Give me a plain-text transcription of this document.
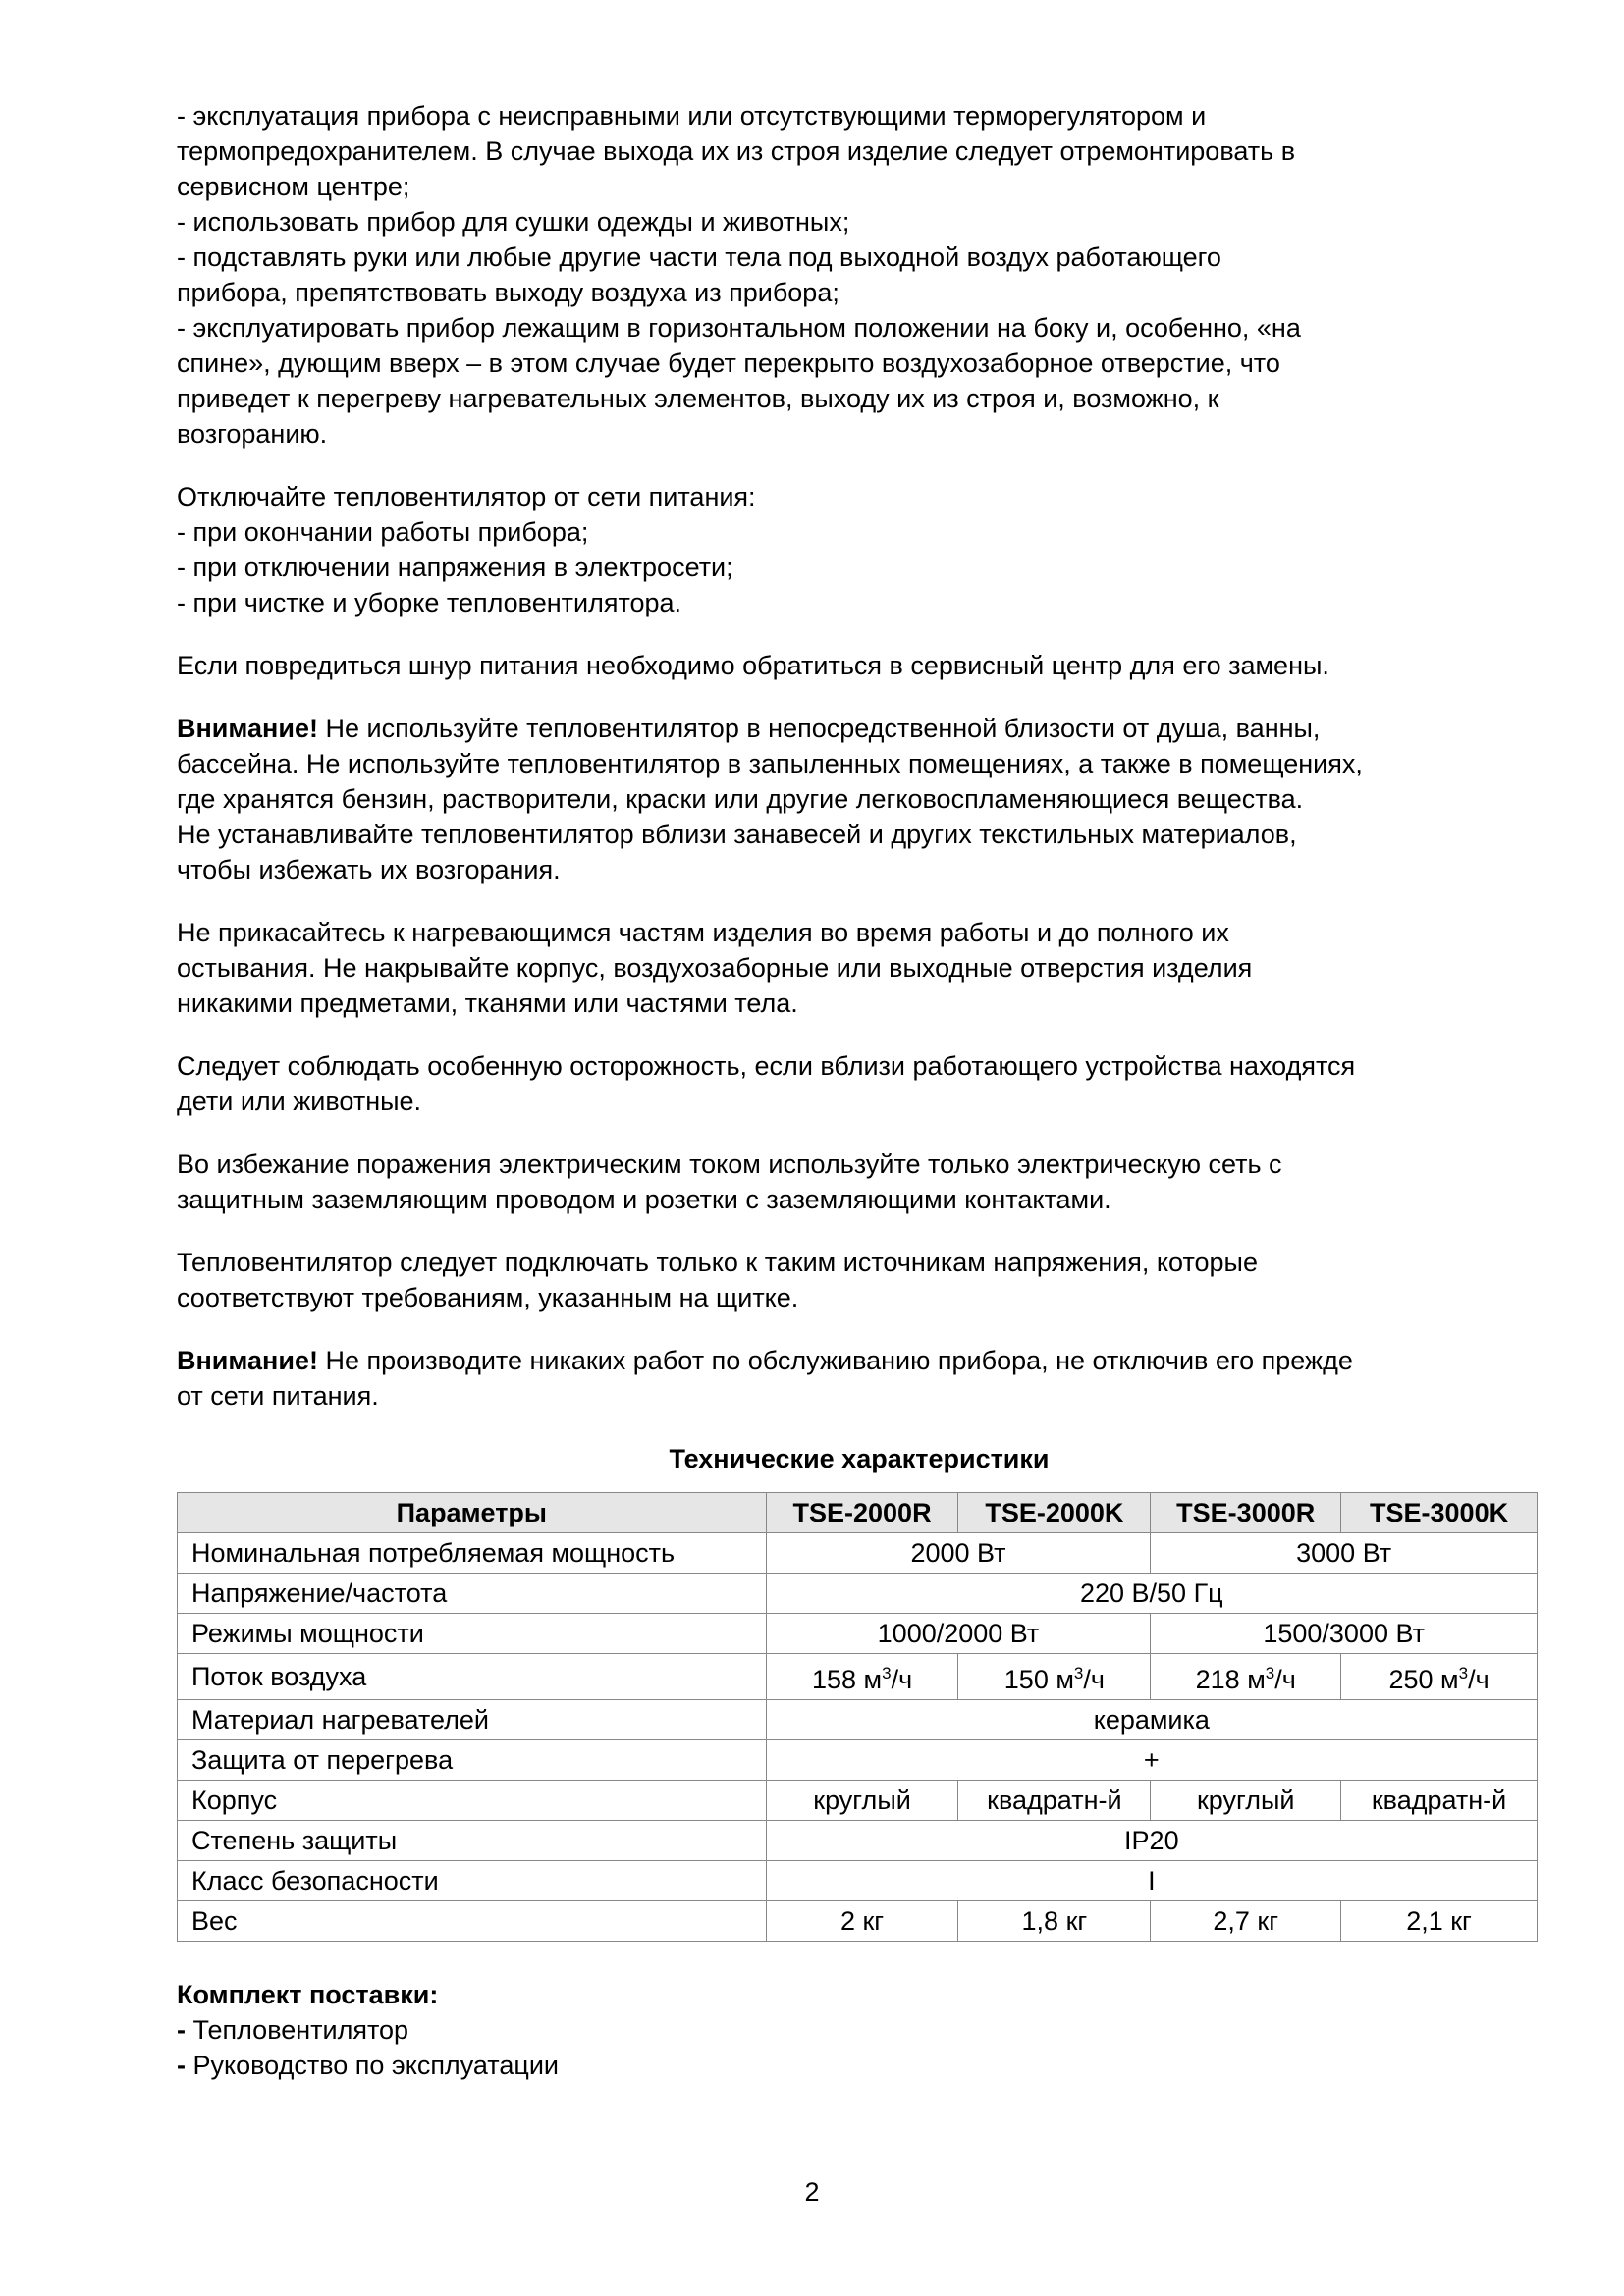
- эксплуатация прибора с неисправными или отсутствующими терморегулятором и
термопредохранителем. В случае выхода их из строя изделие следует отремонтировать в
сервисном центре;
- использовать прибор для сушки одежды и животных;
- подставлять руки или любые другие части тела под выходной воздух работающего
прибора, препятствовать выходу воздуха из прибора;
- эксплуатировать прибор лежащим в горизонтальном положении на боку и, особенно, «на
спине», дующим вверх – в этом случае будет перекрыто воздухозаборное отверстие, что
приведет к перегреву нагревательных элементов, выходу их из строя и, возможно, к
возгоранию.
Отключайте тепловентилятор от сети питания:
- при окончании работы прибора;
- при отключении напряжения в электросети;
- при чистке и уборке тепловентилятора.
Если повредиться шнур питания необходимо обратиться в сервисный центр для его замены.
Внимание! Не используйте тепловентилятор в непосредственной близости от душа, ванны,
бассейна. Не используйте тепловентилятор в запыленных помещениях, а также в помещениях,
где хранятся бензин, растворители, краски или другие легковоспламеняющиеся вещества.
Не устанавливайте тепловентилятор вблизи занавесей и других текстильных материалов,
чтобы избежать их возгорания.
Не прикасайтесь к нагревающимся частям изделия во время работы и до полного их
остывания. Не накрывайте корпус, воздухозаборные или выходные отверстия изделия
никакими предметами, тканями или частями тела.
Следует соблюдать особенную осторожность, если вблизи работающего устройства находятся
дети или животные.
Во избежание поражения электрическим током используйте только электрическую сеть с
защитным заземляющим проводом и розетки с заземляющими контактами.
Тепловентилятор следует подключать только к таким источникам напряжения, которые
соответствуют требованиям, указанным на щитке.
Внимание! Не производите никаких работ по обслуживанию прибора, не отключив его прежде
от сети питания.
Технические характеристики
Параметры	TSE-2000R	TSE-2000K	TSE-3000R	TSE-3000K
Номинальная потребляемая мощность	2000 Вт		3000 Вт	
Напряжение/частота	220 В/50 Гц			
Режимы мощности	1000/2000 Вт		1500/3000 Вт	
Поток воздуха	158 $м^3/ч$	150 $м^3/ч$	218 $м^3/ч$	250 $м^3/ч$
Материал нагревателей	керамика			
Защита от перегрева	+			
Корпус	круглый	квадратн-й	круглый	квадратн-й
Степень защиты	IP20			
Класс безопасности	I			
Вес	2 кг	1,8 кг	2,7 кг	2,1 кг
Комплект поставки:
- Тепловентилятор
- Руководство по эксплуатации
2
